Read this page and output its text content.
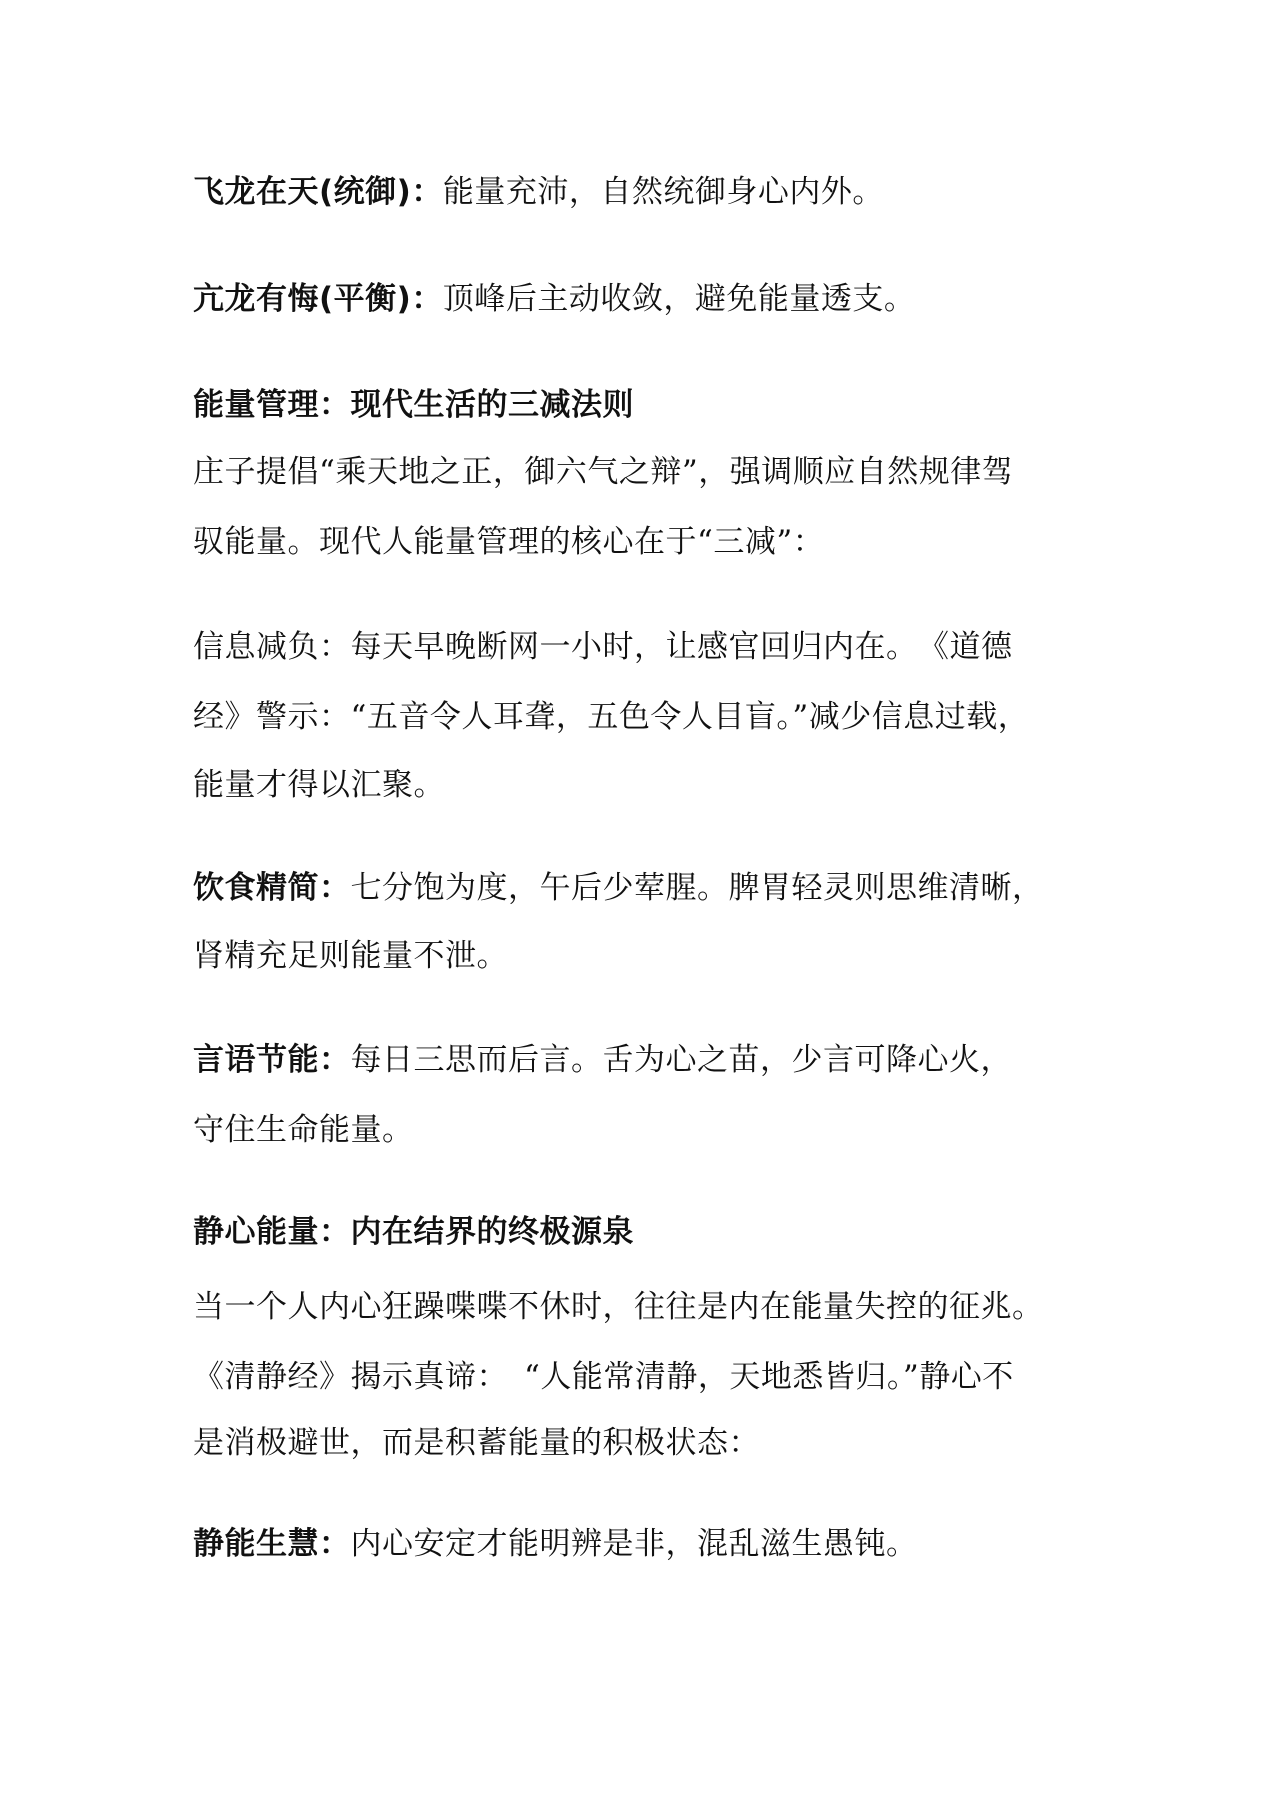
飞龙在天(统御)：能量充沛，自然统御身心内外。
亢龙有悔(平衡)：顶峰后主动收敛，避免能量透支。
能量管理：现代生活的三减法则
庄子提倡“乘天地之正，御六气之辩”，强调顺应自然规律驾
驭能量。现代人能量管理的核心在于“三减”：
信息减负：每天早晚断网一小时，让感官回归内在。　《道德
经》警示：“五音令人耳聋，五色令人目盲。”减少信息过载，
能量才得以汇聚。
饮食精简：七分饱为度，午后少荤腥。脾胃轻灵则思维清晰，
肾精充足则能量不泄。
言语节能：每日三思而后言。舌为心之苗，少言可降心火，
守住生命能量。
静心能量：内在结界的终极源泉
当一个人内心狂躁喋喋不休时，往往是内在能量失控的征兆。
《清静经》揭示真谛：　“人能常清静，天地悉皆归。”静心不
是消极避世，而是积蓄能量的积极状态：
静能生慧：内心安定才能明辨是非，混乱滋生愚钝。
